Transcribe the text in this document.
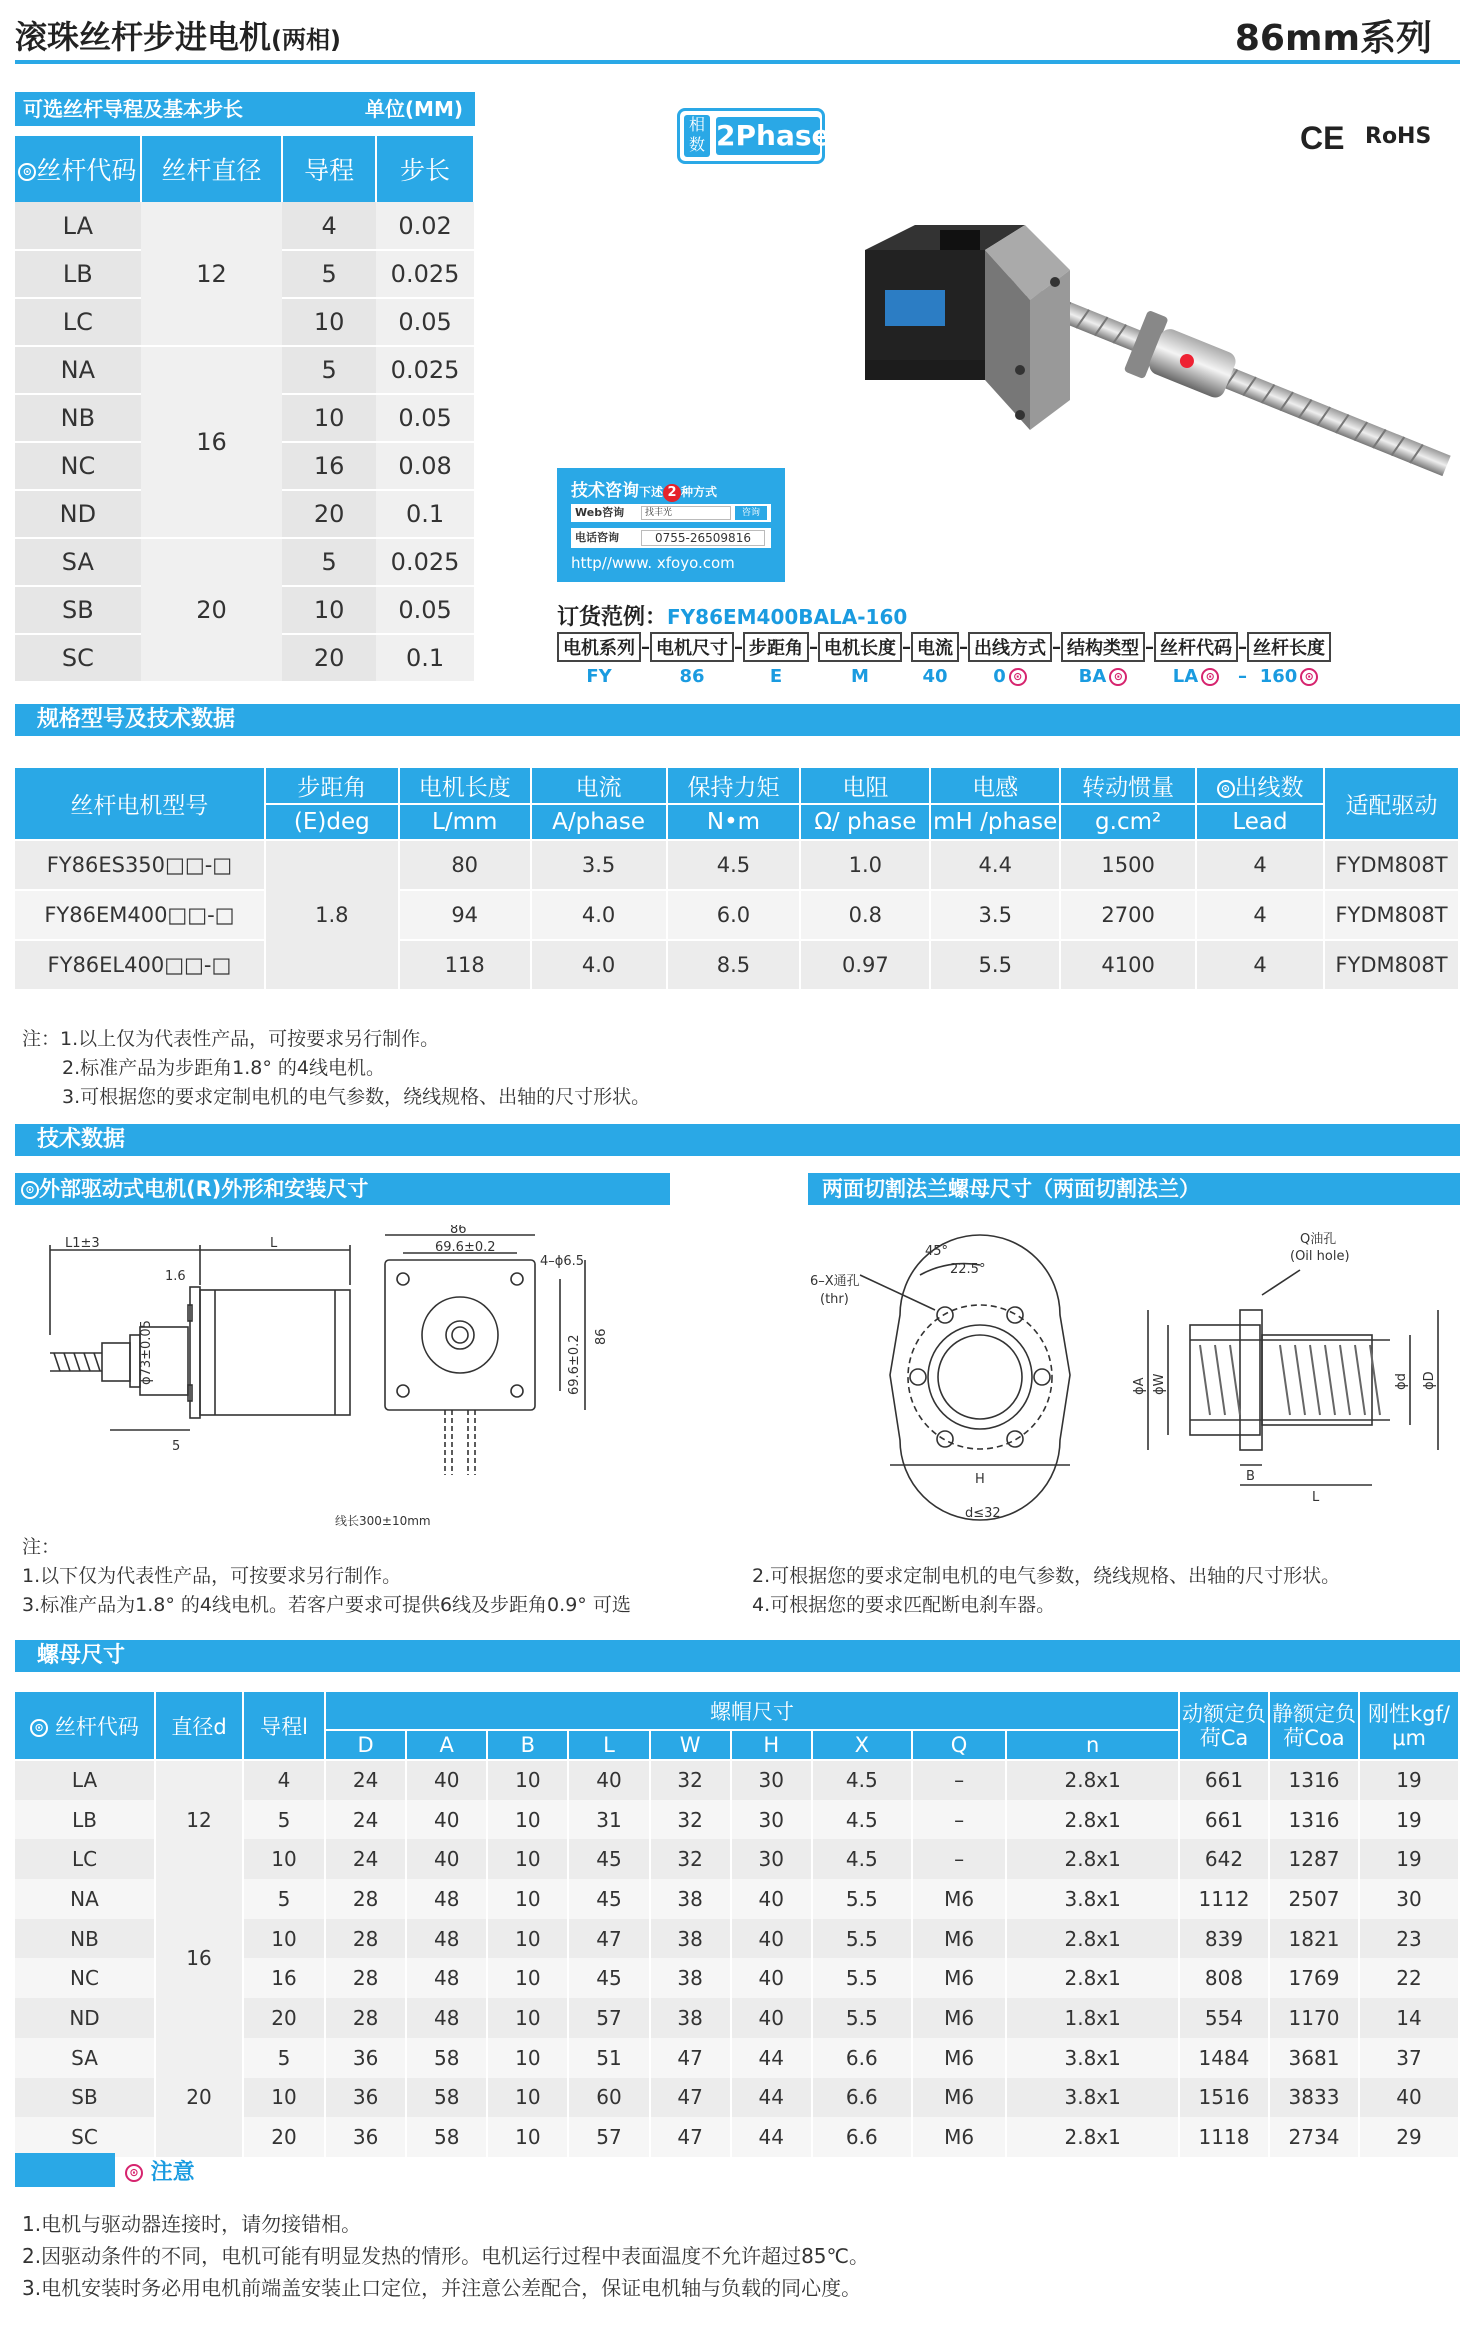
滚珠丝杆步进电机(两相)	86mm系列
可选丝杆导程及基本步长	单位(MM)
⊙ 丝杆代码	丝杆直径	导程	步长
LA	12	4	0.02
LB		5	0.025
LC		10	0.05
NA	16	5	0.025
NB		10	0.05
NC		16	0.08
ND		20	0.1
SA	20	5	0.025
SB		10	0.05
SC		20	0.1
相
数 2Phase	CE RoHS
技术咨询下述 2 种方式
Web咨询	找丰光	咨询
电话咨询	0755-26509816
http//www. xfoyo.com
订货范例：FY86EM400BALA-160
电机系列	–	电机尺寸	–	步距角	–	电机长度	–	电流	–	出线方式	–	结构类型	–	丝杆代码	–	丝杆长度
FY		86		E		M		40		0 ⊙		BA ⊙		LA ⊙	–	160 ⊙
规格型号及技术数据
丝杆电机型号	步距角	电机长度	电流	保持力矩	电阻	电感	转动惯量	⊙ 出线数	适配驱动
	(E)deg	L/mm	A/phase	N•m	Ω/ phase	mH /phase	g.cm²	Lead	
FY86ES350□□-□	1.8	80	3.5	4.5	1.0	4.4	1500	4	FYDM808T
FY86EM400□□-□		94	4.0	6.0	0.8	3.5	2700	4	FYDM808T
FY86EL400□□-□		118	4.0	8.5	0.97	5.5	4100	4	FYDM808T
注：1.以上仅为代表性产品，可按要求另行制作。
2.标准产品为步距角1.8° 的4线电机。
3.可根据您的要求定制电机的电气参数，绕线规格、出轴的尺寸形状。
技术数据
⊙ 外部驱动式电机(R)外形和安装尺寸	两面切割法兰螺母尺寸（两面切割法兰）
L1±3	L
1.6
5
ϕ73±0.05
86
69.6±0.2
4–ϕ6.5
69.6±0.2 86
线长300±10mm
6–X通孔
(thr)
45°
22.5°
H
d≤32
ϕA ϕW
Q油孔
(Oil hole)
ϕd ϕD
B
L
注：
1.以下仅为代表性产品，可按要求另行制作。	2.可根据您的要求定制电机的电气参数，绕线规格、出轴的尺寸形状。
3.标准产品为1.8° 的4线电机。若客户要求可提供6线及步距角0.9° 可选	4.可根据您的要求匹配断电刹车器。
螺母尺寸
⊙ 丝杆代码	直径d	导程l	螺帽尺寸									动额定负荷Ca	静额定负荷Coa	刚性kgf/μm
			D	A	B	L	W	H	X	Q	n			
LA	12	4	24	40	10	40	32	30	4.5	–	2.8x1	661	1316	19
LB		5	24	40	10	31	32	30	4.5	–	2.8x1	661	1316	19
LC		10	24	40	10	45	32	30	4.5	–	2.8x1	642	1287	19
NA	16	5	28	48	10	45	38	40	5.5	M6	3.8x1	1112	2507	30
NB		10	28	48	10	47	38	40	5.5	M6	2.8x1	839	1821	23
NC		16	28	48	10	45	38	40	5.5	M6	2.8x1	808	1769	22
ND		20	28	48	10	57	38	40	5.5	M6	1.8x1	554	1170	14
SA	20	5	36	58	10	51	47	44	6.6	M6	3.8x1	1484	3681	37
SB		10	36	58	10	60	47	44	6.6	M6	3.8x1	1516	3833	40
SC		20	36	58	10	57	47	44	6.6	M6	2.8x1	1118	2734	29
⊙ 注意
1.电机与驱动器连接时，请勿接错相。
2.因驱动条件的不同，电机可能有明显发热的情形。电机运行过程中表面温度不允许超过85℃。
3.电机安装时务必用电机前端盖安装止口定位，并注意公差配合，保证电机轴与负载的同心度。
